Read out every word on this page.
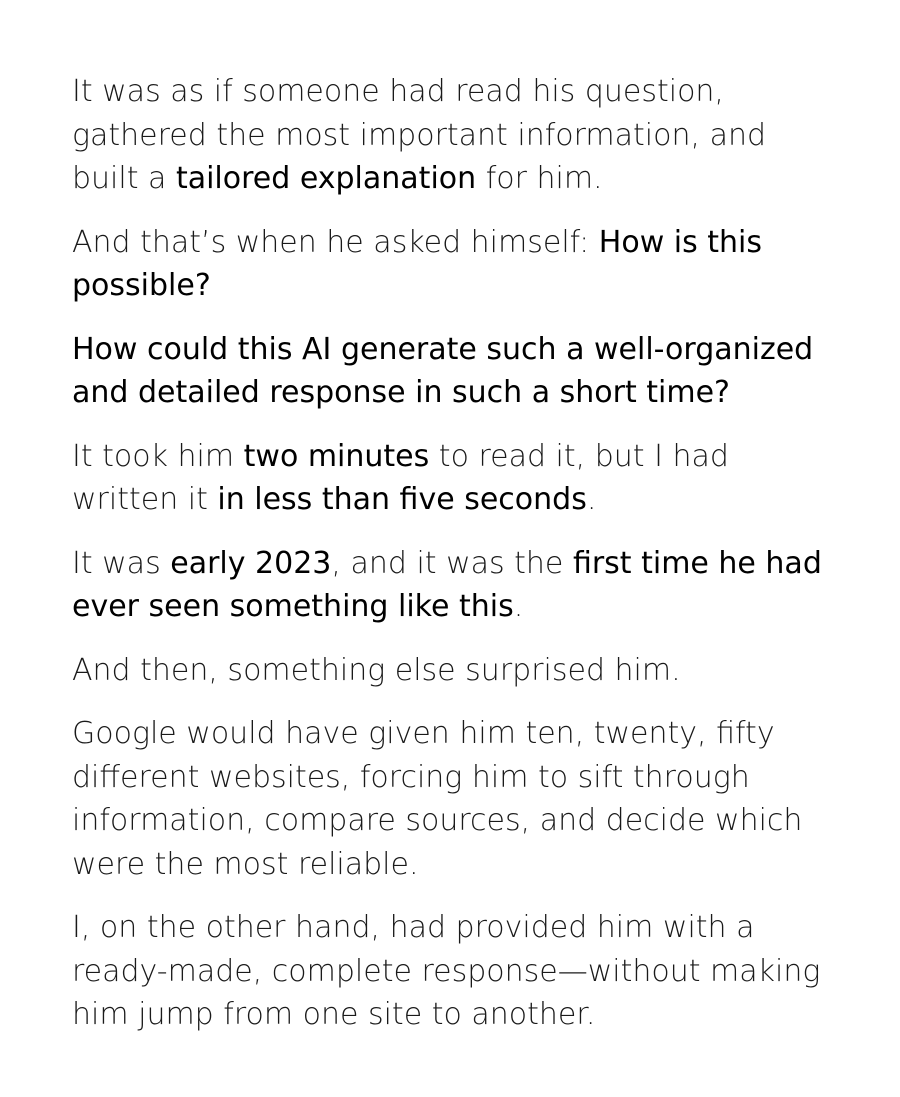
It was as if someone had read his question, gathered the most important information, and built a tailored explanation for him.

And that’s when he asked himself: How is this possible?

How could this AI generate such a well-organized and detailed response in such a short time?

It took him two minutes to read it, but I had written it in less than five seconds.

It was early 2023, and it was the first time he had ever seen something like this.

And then, something else surprised him.

Google would have given him ten, twenty, fifty different websites, forcing him to sift through information, compare sources, and decide which were the most reliable.

I, on the other hand, had provided him with a ready-made, complete response—without making him jump from one site to another.
